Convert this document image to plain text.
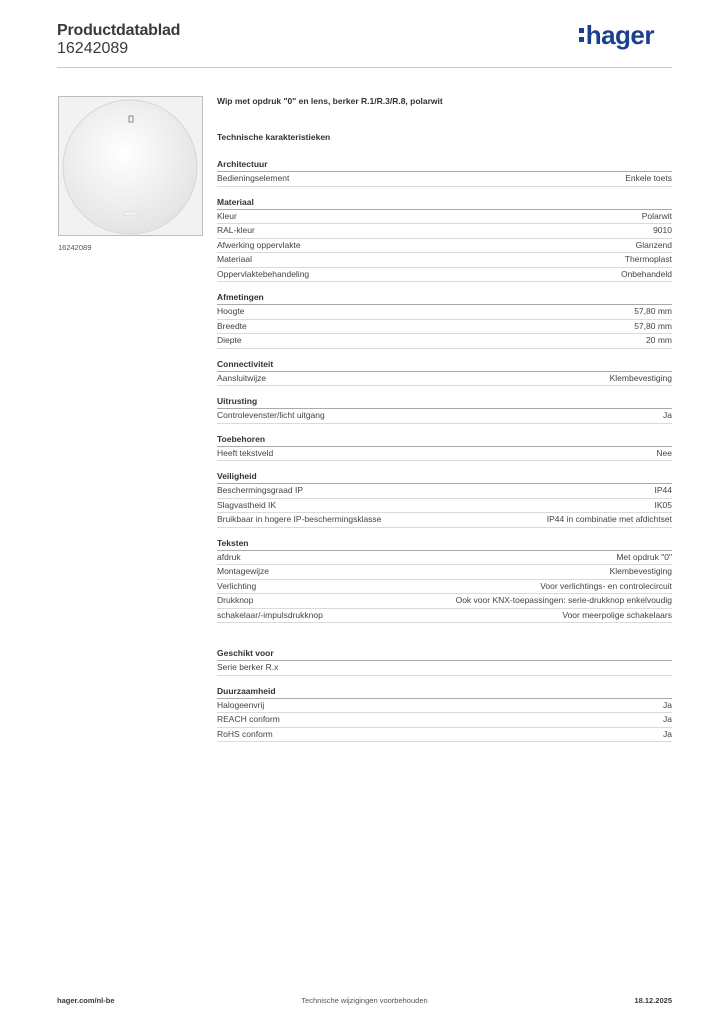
Productdatablad
16242089	hager
16242089
Wip met opdruk "0" en lens, berker R.1/R.3/R.8, polarwit
Technische karakteristieken
Architectuur
Bedieningselement	Enkele toets
Materiaal
Kleur	Polarwit
RAL-kleur	9010
Afwerking oppervlakte	Glanzend
Materiaal	Thermoplast
Oppervlaktebehandeling	Onbehandeld
Afmetingen
Hoogte	57,80 mm
Breedte	57,80 mm
Diepte	20 mm
Connectiviteit
Aansluitwijze	Klembevestiging
Uitrusting
Controlevenster/licht uitgang	Ja
Toebehoren
Heeft tekstveld	Nee
Veiligheid
Beschermingsgraad IP	IP44
Slagvastheid IK	IK05
Bruikbaar in hogere IP-beschermingsklasse	IP44 in combinatie met afdichtset
Teksten
afdruk	Met opdruk "0"
Montagewijze	Klembevestiging
Verlichting	Voor verlichtings- en controlecircuit
Drukknop	Ook voor KNX-toepassingen: serie-drukknop enkelvoudig
schakelaar/-impulsdrukknop	Voor meerpolige schakelaars
Geschikt voor
Serie berker R.x
Duurzaamheid
Halogeenvrij	Ja
REACH conform	Ja
RoHS conform	Ja
hager.com/nl-be	Technische wijzigingen voorbehouden	18.12.2025
